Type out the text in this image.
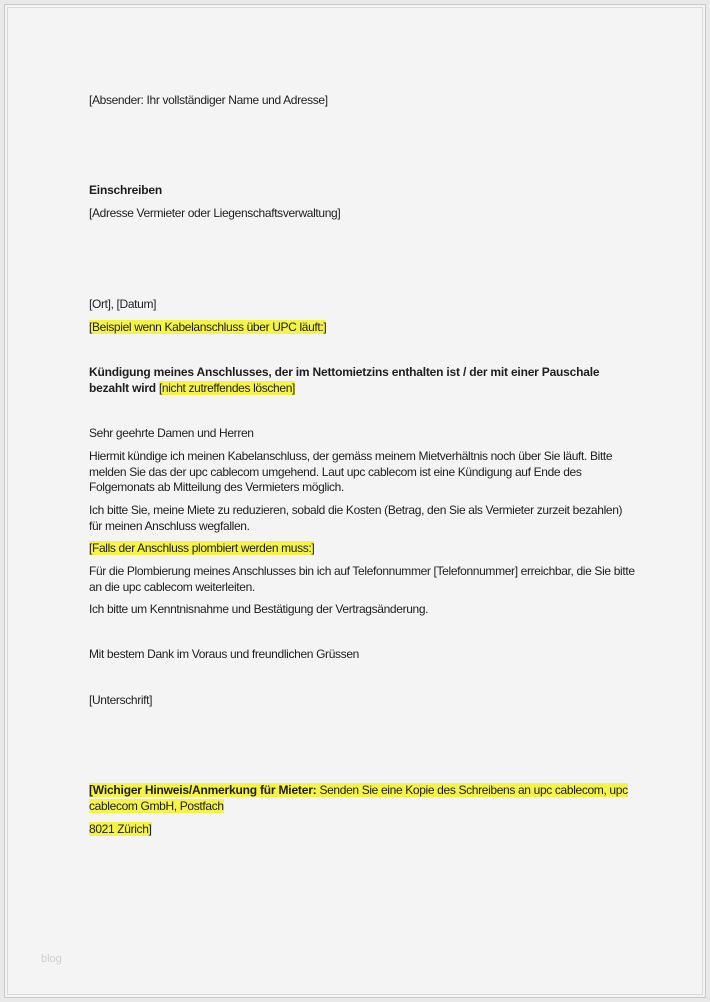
[Absender: Ihr vollständiger Name und Adresse]
Einschreiben
[Adresse Vermieter oder Liegenschaftsverwaltung]
[Ort], [Datum]
[Beispiel wenn Kabelanschluss über UPC läuft:]
Kündigung meines Anschlusses, der im Nettomietzins enthalten ist / der mit einer Pauschale bezahlt wird [nicht zutreffendes löschen]
Sehr geehrte Damen und Herren
Hiermit kündige ich meinen Kabelanschluss, der gemäss meinem Mietverhältnis noch über Sie läuft. Bitte melden Sie das der upc cablecom umgehend. Laut upc cablecom ist eine Kündigung auf Ende des Folgemonats ab Mitteilung des Vermieters möglich.
Ich bitte Sie, meine Miete zu reduzieren, sobald die Kosten (Betrag, den Sie als Vermieter zurzeit bezahlen) für meinen Anschluss wegfallen.
[Falls der Anschluss plombiert werden muss:]
Für die Plombierung meines Anschlusses bin ich auf Telefonnummer [Telefonnummer] erreichbar, die Sie bitte an die upc cablecom weiterleiten.
Ich bitte um Kenntnisnahme und Bestätigung der Vertragsänderung.
Mit bestem Dank im Voraus und freundlichen Grüssen
[Unterschrift]
[Wichiger Hinweis/Anmerkung für Mieter: Senden Sie eine Kopie des Schreibens an upc cablecom, upc cablecom GmbH, Postfach
8021 Zürich]
blog
